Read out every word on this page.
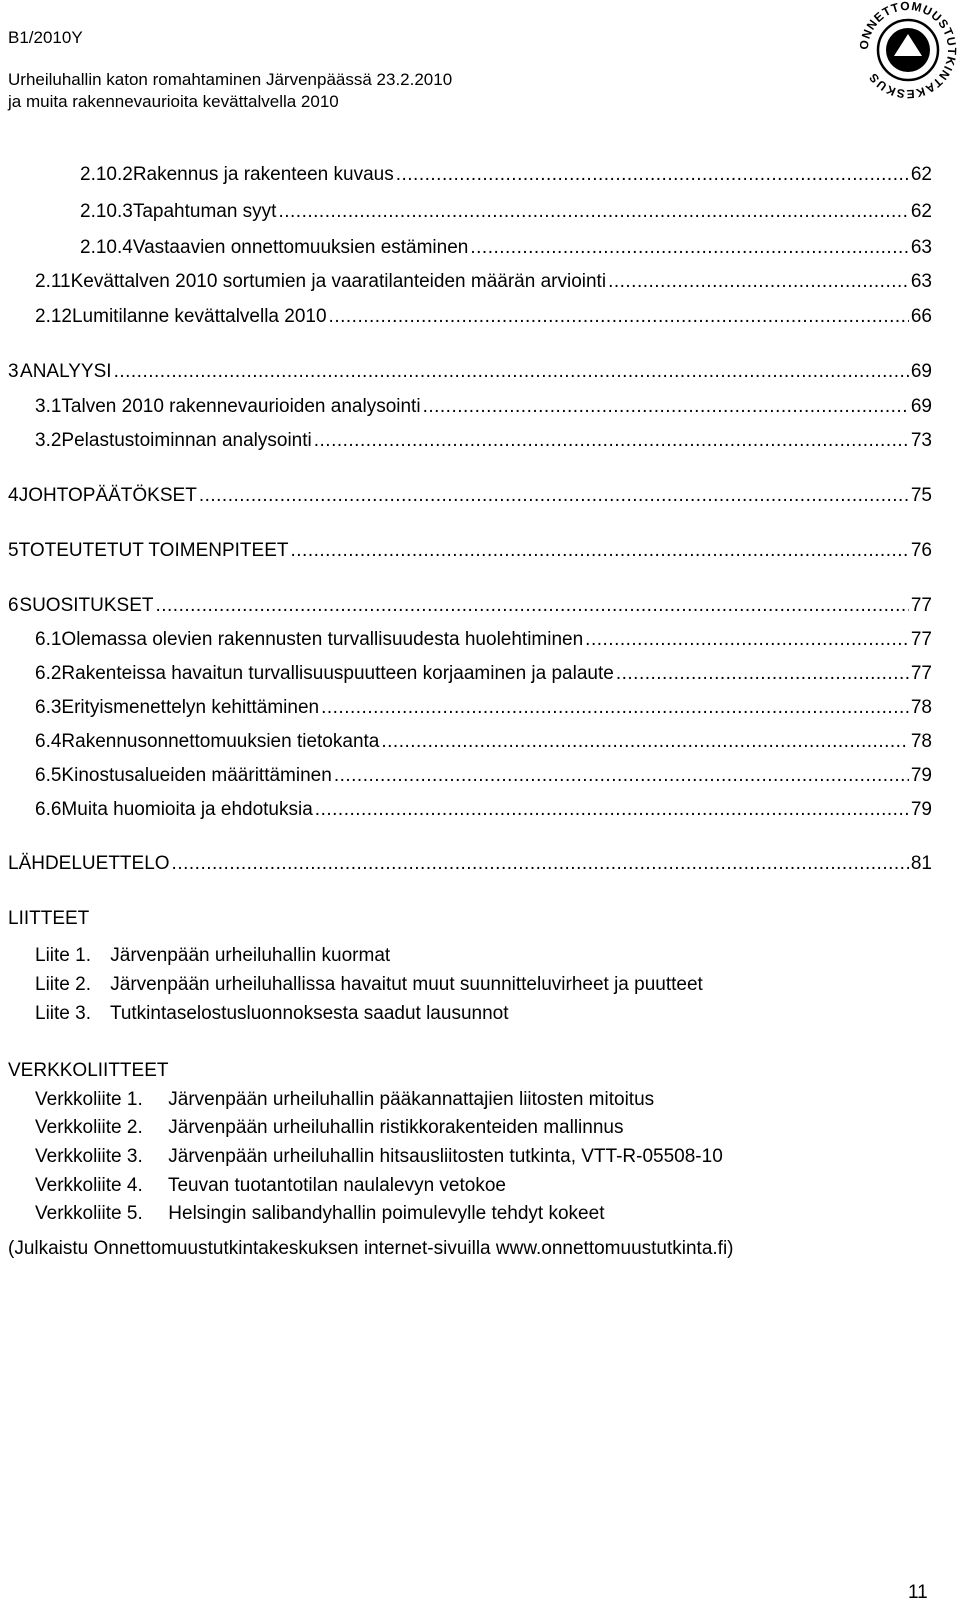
B1/2010Y
Urheiluhallin katon romahtaminen Järvenpäässä 23.2.2010
ja muita rakennevaurioita kevättalvella 2010
ONNETTOMUUSTUTKINTAKESKUS
2.10.2 Rakennus ja rakenteen kuvaus .....	62
2.10.3 Tapahtuman syyt .....	62
2.10.4 Vastaavien onnettomuuksien estäminen .....	63
2.11 Kevättalven 2010 sortumien ja vaaratilanteiden määrän arviointi .....	63
2.12 Lumitilanne kevättalvella 2010 .....	66
3 ANALYYSI .....	69
3.1 Talven 2010 rakennevaurioiden analysointi .....	69
3.2 Pelastustoiminnan analysointi .....	73
4 JOHTOPÄÄTÖKSET .....	75
5 TOTEUTETUT TOIMENPITEET .....	76
6 SUOSITUKSET .....	77
6.1 Olemassa olevien rakennusten turvallisuudesta huolehtiminen .....	77
6.2 Rakenteissa havaitun turvallisuuspuutteen korjaaminen ja palaute .....	77
6.3 Erityismenettelyn kehittäminen .....	78
6.4 Rakennusonnettomuuksien tietokanta .....	78
6.5 Kinostusalueiden määrittäminen .....	79
6.6 Muita huomioita ja ehdotuksia .....	79
LÄHDELUETTELO .....	81
LIITTEET
Liite 1. Järvenpään urheiluhallin kuormat
Liite 2. Järvenpään urheiluhallissa havaitut muut suunnitteluvirheet ja puutteet
Liite 3. Tutkintaselostusluonnoksesta saadut lausunnot
VERKKOLIITTEET
Verkkoliite 1. Järvenpään urheiluhallin pääkannattajien liitosten mitoitus
Verkkoliite 2. Järvenpään urheiluhallin ristikkorakenteiden mallinnus
Verkkoliite 3. Järvenpään urheiluhallin hitsausliitosten tutkinta, VTT-R-05508-10
Verkkoliite 4. Teuvan tuotantotilan naulalevyn vetokoe
Verkkoliite 5. Helsingin salibandyhallin poimulevylle tehdyt kokeet
(Julkaistu Onnettomuustutkintakeskuksen internet-sivuilla www.onnettomuustutkinta.fi)
11
